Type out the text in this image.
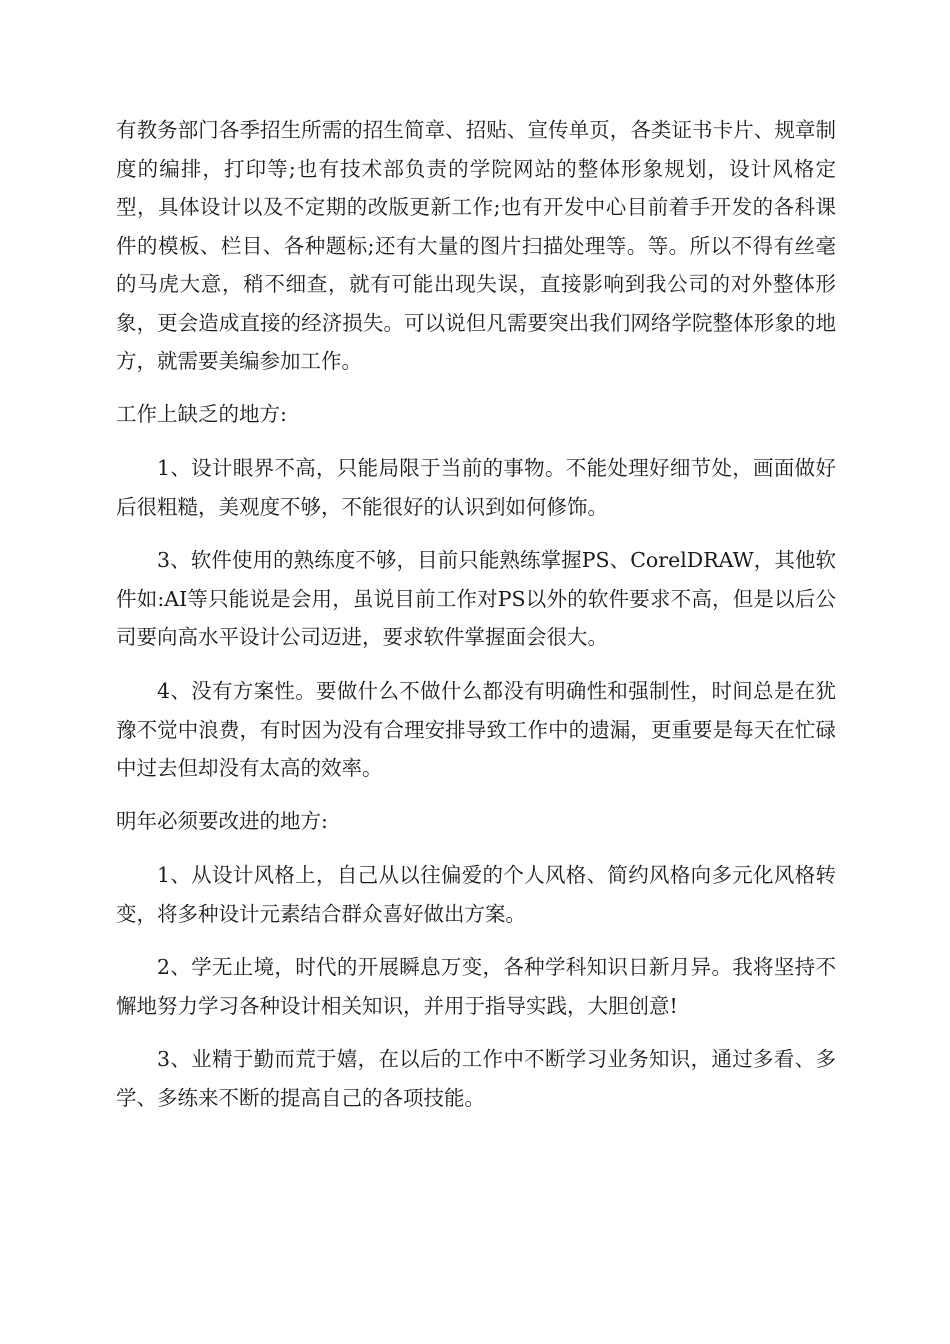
有教务部门各季招生所需的招生简章、招贴、宣传单页，各类证书卡片、规章制度的编排，打印等;也有技术部负责的学院网站的整体形象规划，设计风格定型，具体设计以及不定期的改版更新工作;也有开发中心目前着手开发的各科课件的模板、栏目、各种题标;还有大量的图片扫描处理等。等。所以不得有丝毫的马虎大意，稍不细查，就有可能出现失误，直接影响到我公司的对外整体形象，更会造成直接的经济损失。可以说但凡需要突出我们网络学院整体形象的地方，就需要美编参加工作。

工作上缺乏的地方:

1、设计眼界不高，只能局限于当前的事物。不能处理好细节处，画面做好后很粗糙，美观度不够，不能很好的认识到如何修饰。

3、软件使用的熟练度不够，目前只能熟练掌握PS、CorelDRAW，其他软件如:AI等只能说是会用，虽说目前工作对PS以外的软件要求不高，但是以后公司要向高水平设计公司迈进，要求软件掌握面会很大。

4、没有方案性。要做什么不做什么都没有明确性和强制性，时间总是在犹豫不觉中浪费，有时因为没有合理安排导致工作中的遗漏，更重要是每天在忙碌中过去但却没有太高的效率。

明年必须要改进的地方:

1、从设计风格上，自己从以往偏爱的个人风格、简约风格向多元化风格转变，将多种设计元素结合群众喜好做出方案。

2、学无止境，时代的开展瞬息万变，各种学科知识日新月异。我将坚持不懈地努力学习各种设计相关知识，并用于指导实践，大胆创意!

3、业精于勤而荒于嬉，在以后的工作中不断学习业务知识，通过多看、多学、多练来不断的提高自己的各项技能。
